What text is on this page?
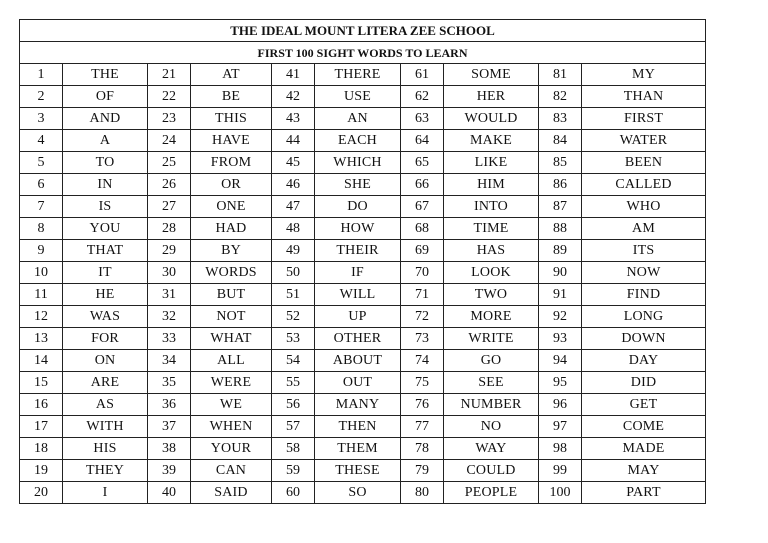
THE IDEAL MOUNT LITERA ZEE SCHOOL									
FIRST 100 SIGHT WORDS TO LEARN									
1	THE	21	AT	41	THERE	61	SOME	81	MY
2	OF	22	BE	42	USE	62	HER	82	THAN
3	AND	23	THIS	43	AN	63	WOULD	83	FIRST
4	A	24	HAVE	44	EACH	64	MAKE	84	WATER
5	TO	25	FROM	45	WHICH	65	LIKE	85	BEEN
6	IN	26	OR	46	SHE	66	HIM	86	CALLED
7	IS	27	ONE	47	DO	67	INTO	87	WHO
8	YOU	28	HAD	48	HOW	68	TIME	88	AM
9	THAT	29	BY	49	THEIR	69	HAS	89	ITS
10	IT	30	WORDS	50	IF	70	LOOK	90	NOW
11	HE	31	BUT	51	WILL	71	TWO	91	FIND
12	WAS	32	NOT	52	UP	72	MORE	92	LONG
13	FOR	33	WHAT	53	OTHER	73	WRITE	93	DOWN
14	ON	34	ALL	54	ABOUT	74	GO	94	DAY
15	ARE	35	WERE	55	OUT	75	SEE	95	DID
16	AS	36	WE	56	MANY	76	NUMBER	96	GET
17	WITH	37	WHEN	57	THEN	77	NO	97	COME
18	HIS	38	YOUR	58	THEM	78	WAY	98	MADE
19	THEY	39	CAN	59	THESE	79	COULD	99	MAY
20	I	40	SAID	60	SO	80	PEOPLE	100	PART
